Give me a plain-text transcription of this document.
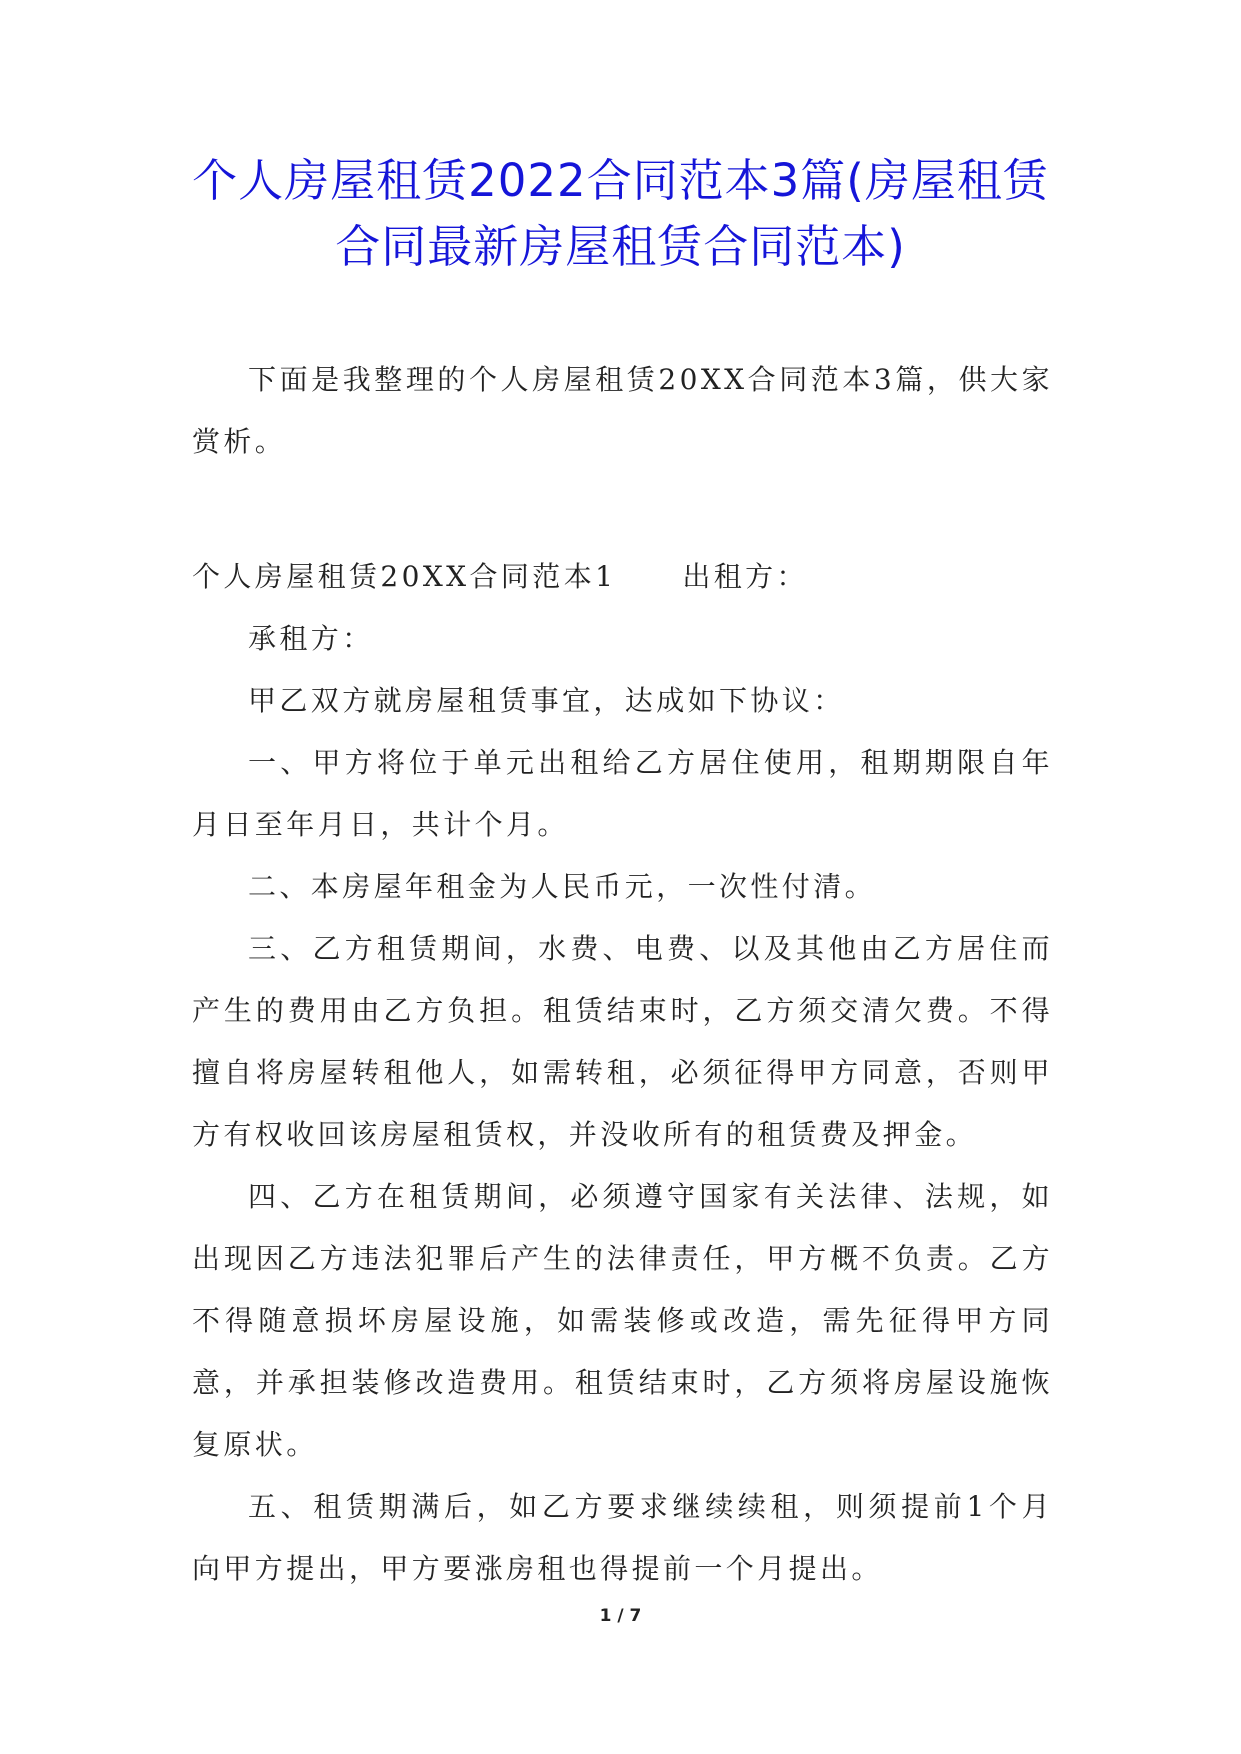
个人房屋租赁2022合同范本3篇(房屋租赁
合同最新房屋租赁合同范本)

下面是我整理的个人房屋租赁20XX合同范本3篇，供大家赏析。

个人房屋租赁20XX合同范本1 出租方：

承租方：

甲乙双方就房屋租赁事宜，达成如下协议：

一、甲方将位于单元出租给乙方居住使用，租期期限自年月日至年月日，共计个月。

二、本房屋年租金为人民币元，一次性付清。

三、乙方租赁期间，水费、电费、以及其他由乙方居住而产生的费用由乙方负担。租赁结束时，乙方须交清欠费。不得擅自将房屋转租他人，如需转租，必须征得甲方同意，否则甲方有权收回该房屋租赁权，并没收所有的租赁费及押金。

四、乙方在租赁期间，必须遵守国家有关法律、法规，如出现因乙方违法犯罪后产生的法律责任，甲方概不负责。乙方不得随意损坏房屋设施，如需装修或改造，需先征得甲方同意，并承担装修改造费用。租赁结束时，乙方须将房屋设施恢复原状。

五、租赁期满后，如乙方要求继续续租，则须提前1个月向甲方提出，甲方要涨房租也得提前一个月提出。

1 / 7
